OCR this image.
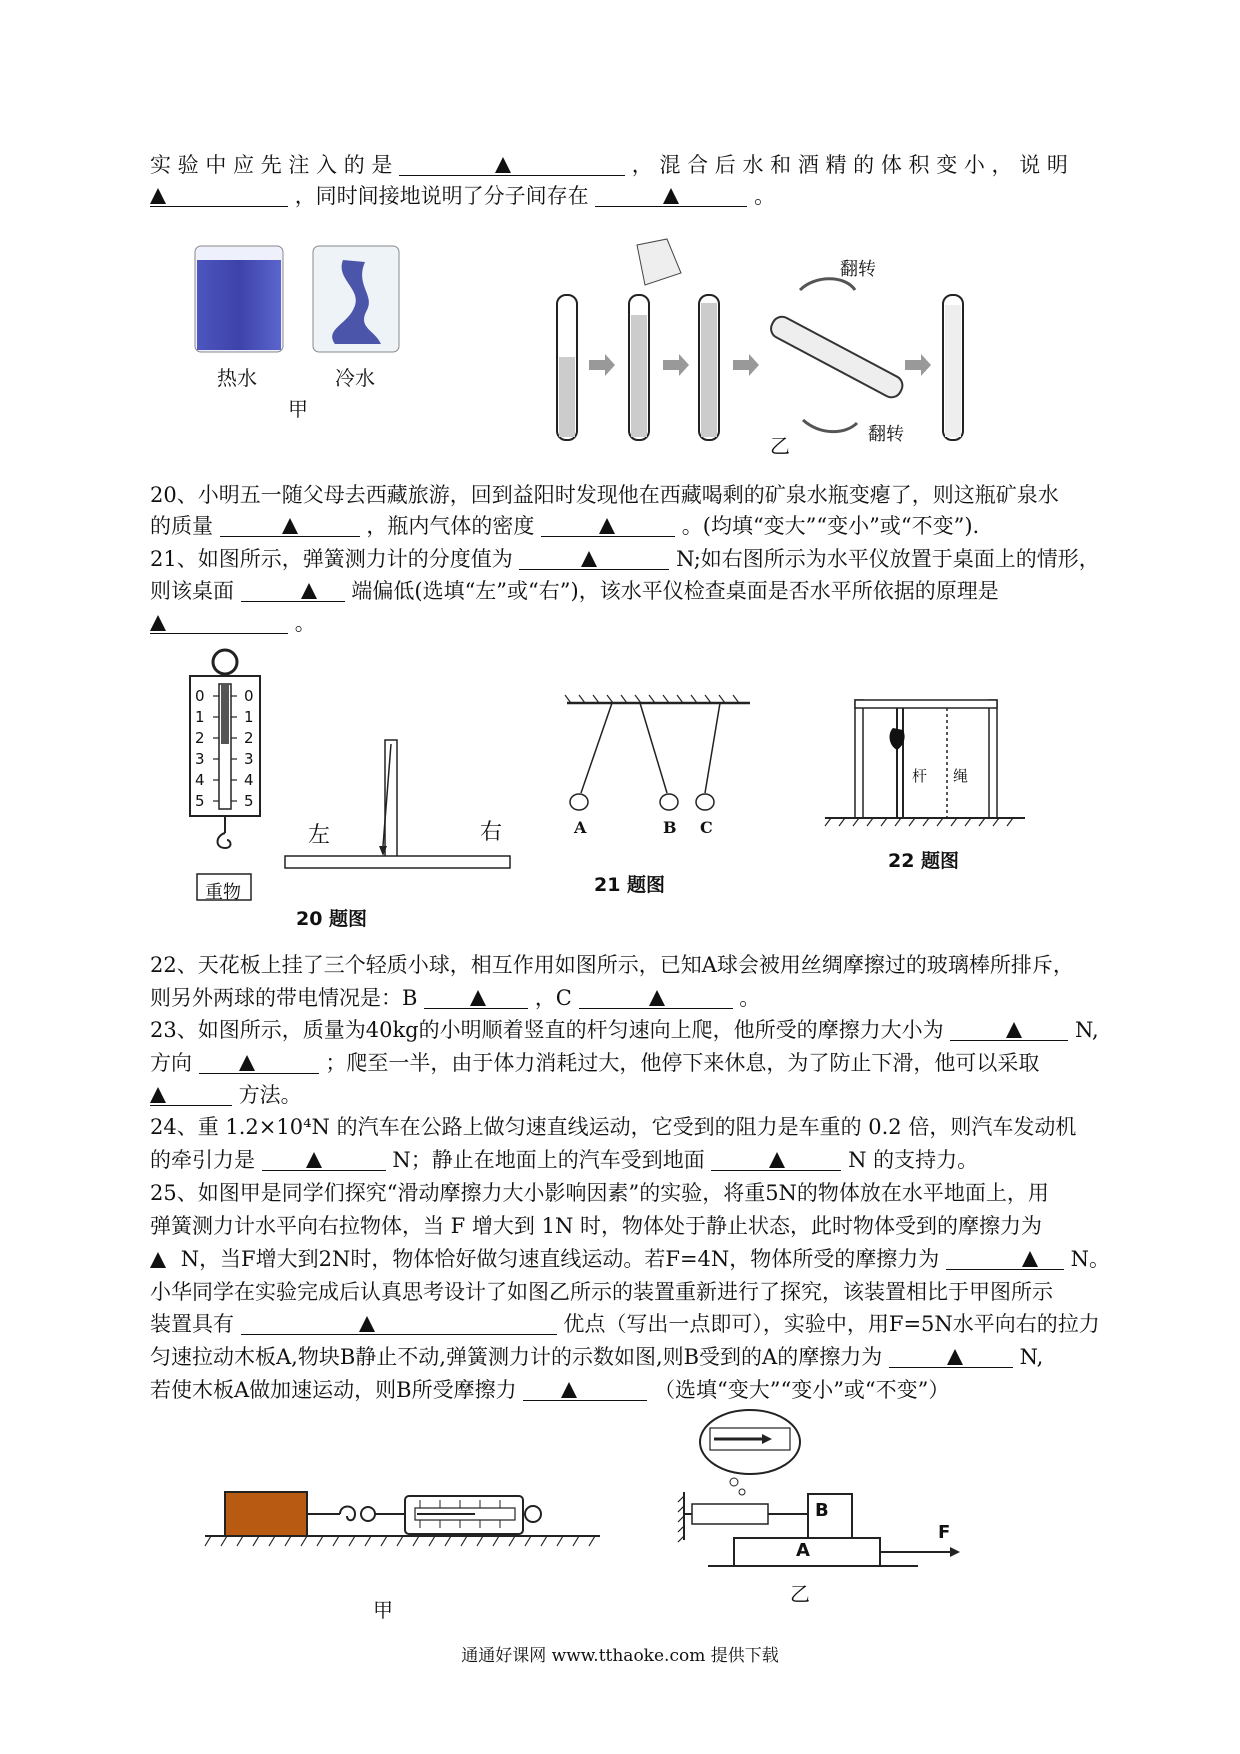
实 验 中 应 先 注 入 的 是	， 混 合 后 水 和 酒 精 的 体 积 变 小 ， 说 明
，同时间接地说明了分子间存在	。
热水	冷水
甲
翻转
翻转
乙
20、小明五一随父母去西藏旅游，回到益阳时发现他在西藏喝剩的矿泉水瓶变瘪了，则这瓶矿泉水
的质量	，瓶内气体的密度	。(均填“变大”“变小”或“不变”).
21、如图所示，弹簧测力计的分度值为	N;如右图所示为水平仪放置于桌面上的情形，
则该桌面	端偏低(选填“左”或“右”)，该水平仪检查桌面是否水平所依据的原理是
。
0
1
2
3
4
5
0
1
2
3
4
5
重物
左	右
20 题图
A	B C
21 题图
杆 绳
22 题图
22、天花板上挂了三个轻质小球，相互作用如图所示，已知A球会被用丝绸摩擦过的玻璃棒所排斥，
则另外两球的带电情况是：B	，C	。
23、如图所示，质量为40kg的小明顺着竖直的杆匀速向上爬，他所受的摩擦力大小为	N,
方向	；爬至一半，由于体力消耗过大，他停下来休息，为了防止下滑，他可以采取
方法。
24、重 1.2×10⁴N 的汽车在公路上做匀速直线运动，它受到的阻力是车重的 0.2 倍，则汽车发动机
的牵引力是	N；静止在地面上的汽车受到地面	N 的支持力。
25、如图甲是同学们探究“滑动摩擦力大小影响因素”的实验，将重5N的物体放在水平地面上，用
弹簧测力计水平向右拉物体，当 F 增大到 1N 时，物体处于静止状态，此时物体受到的摩擦力为
N，当F增大到2N时，物体恰好做匀速直线运动。若F=4N，物体所受的摩擦力为	N。
小华同学在实验完成后认真思考设计了如图乙所示的装置重新进行了探究，该装置相比于甲图所示
装置具有	优点（写出一点即可），实验中，用F=5N水平向右的拉力
匀速拉动木板A,物块B静止不动,弹簧测力计的示数如图,则B受到的A的摩擦力为	N,
若使木板A做加速运动，则B所受摩擦力	（选填“变大”“变小”或“不变”）
甲
B
A
F
乙
通通好课网 www.tthaoke.com 提供下载
